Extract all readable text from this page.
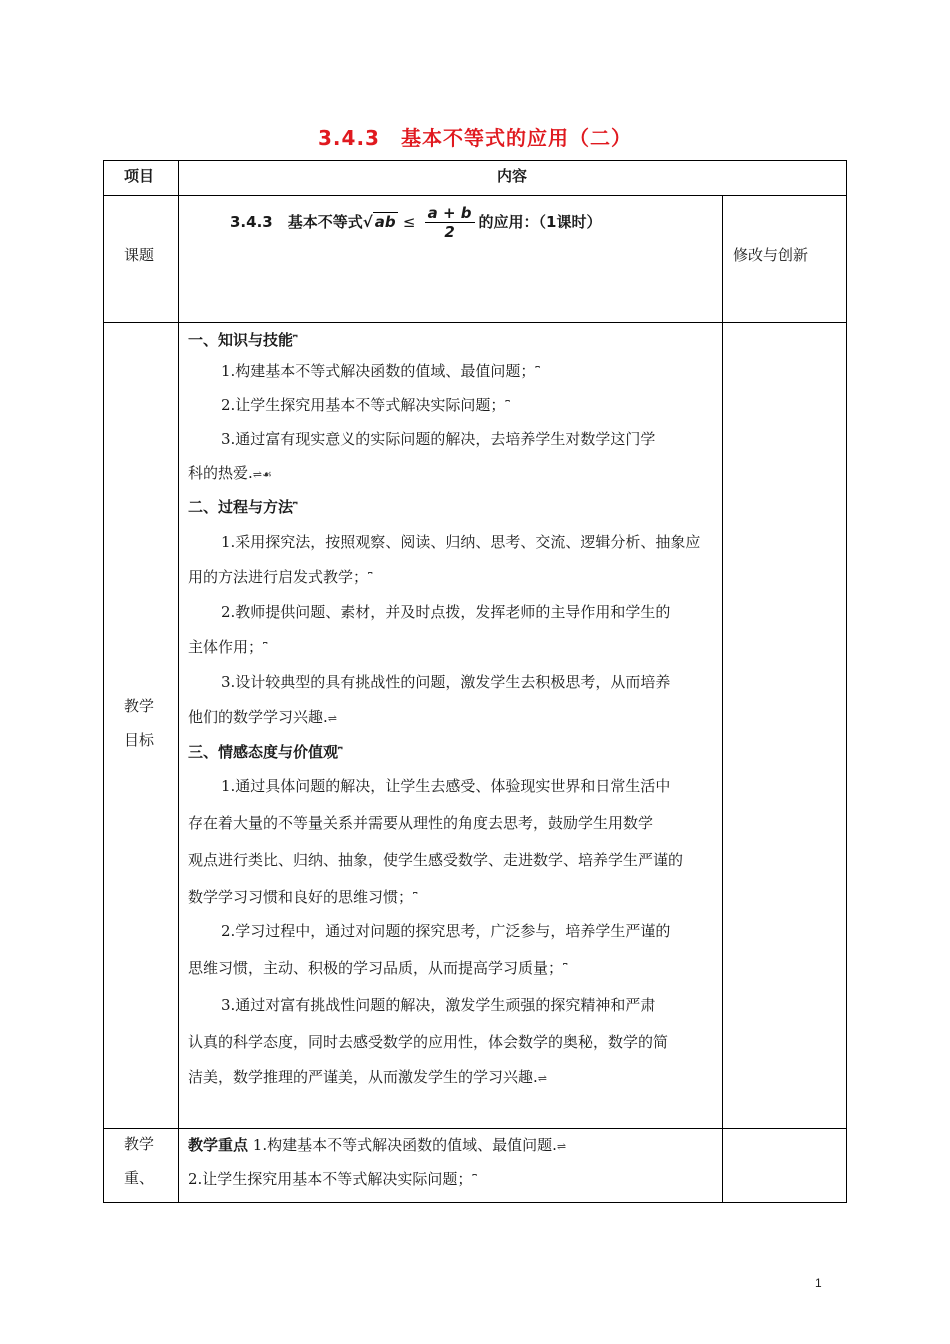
3.4.3　基本不等式的应用（二）
项目	内容
课题
3.4.3　基本不等式√ ab ≤ $\frac{a + b}{2}$ 的应用：（1课时）
修改与创新
教学
目标
一、知识与技能⎴
1.构建基本不等式解决函数的值域、最值问题；⎴
2.让学生探究用基本不等式解决实际问题；⎴
3.通过富有现实意义的实际问题的解决，去培养学生对数学这门学
科的热爱.⇌☙
二、过程与方法⎴
1.采用探究法，按照观察、阅读、归纳、思考、交流、逻辑分析、抽象应
用的方法进行启发式教学；⎴
2.教师提供问题、素材，并及时点拨，发挥老师的主导作用和学生的
主体作用；⎴
3.设计较典型的具有挑战性的问题，激发学生去积极思考，从而培养
他们的数学学习兴趣.⇌
三、情感态度与价值观⎴
1.通过具体问题的解决，让学生去感受、体验现实世界和日常生活中
存在着大量的不等量关系并需要从理性的角度去思考，鼓励学生用数学
观点进行类比、归纳、抽象，使学生感受数学、走进数学、培养学生严谨的
数学学习习惯和良好的思维习惯；⎴
2.学习过程中，通过对问题的探究思考，广泛参与，培养学生严谨的
思维习惯，主动、积极的学习品质，从而提高学习质量；⎴
3.通过对富有挑战性问题的解决，激发学生顽强的探究精神和严肃
认真的科学态度，同时去感受数学的应用性，体会数学的奥秘，数学的简
洁美，数学推理的严谨美，从而激发学生的学习兴趣.⇌
教学
重、
教学重点 1.构建基本不等式解决函数的值域、最值问题.⇌
2.让学生探究用基本不等式解决实际问题；⎴
1
